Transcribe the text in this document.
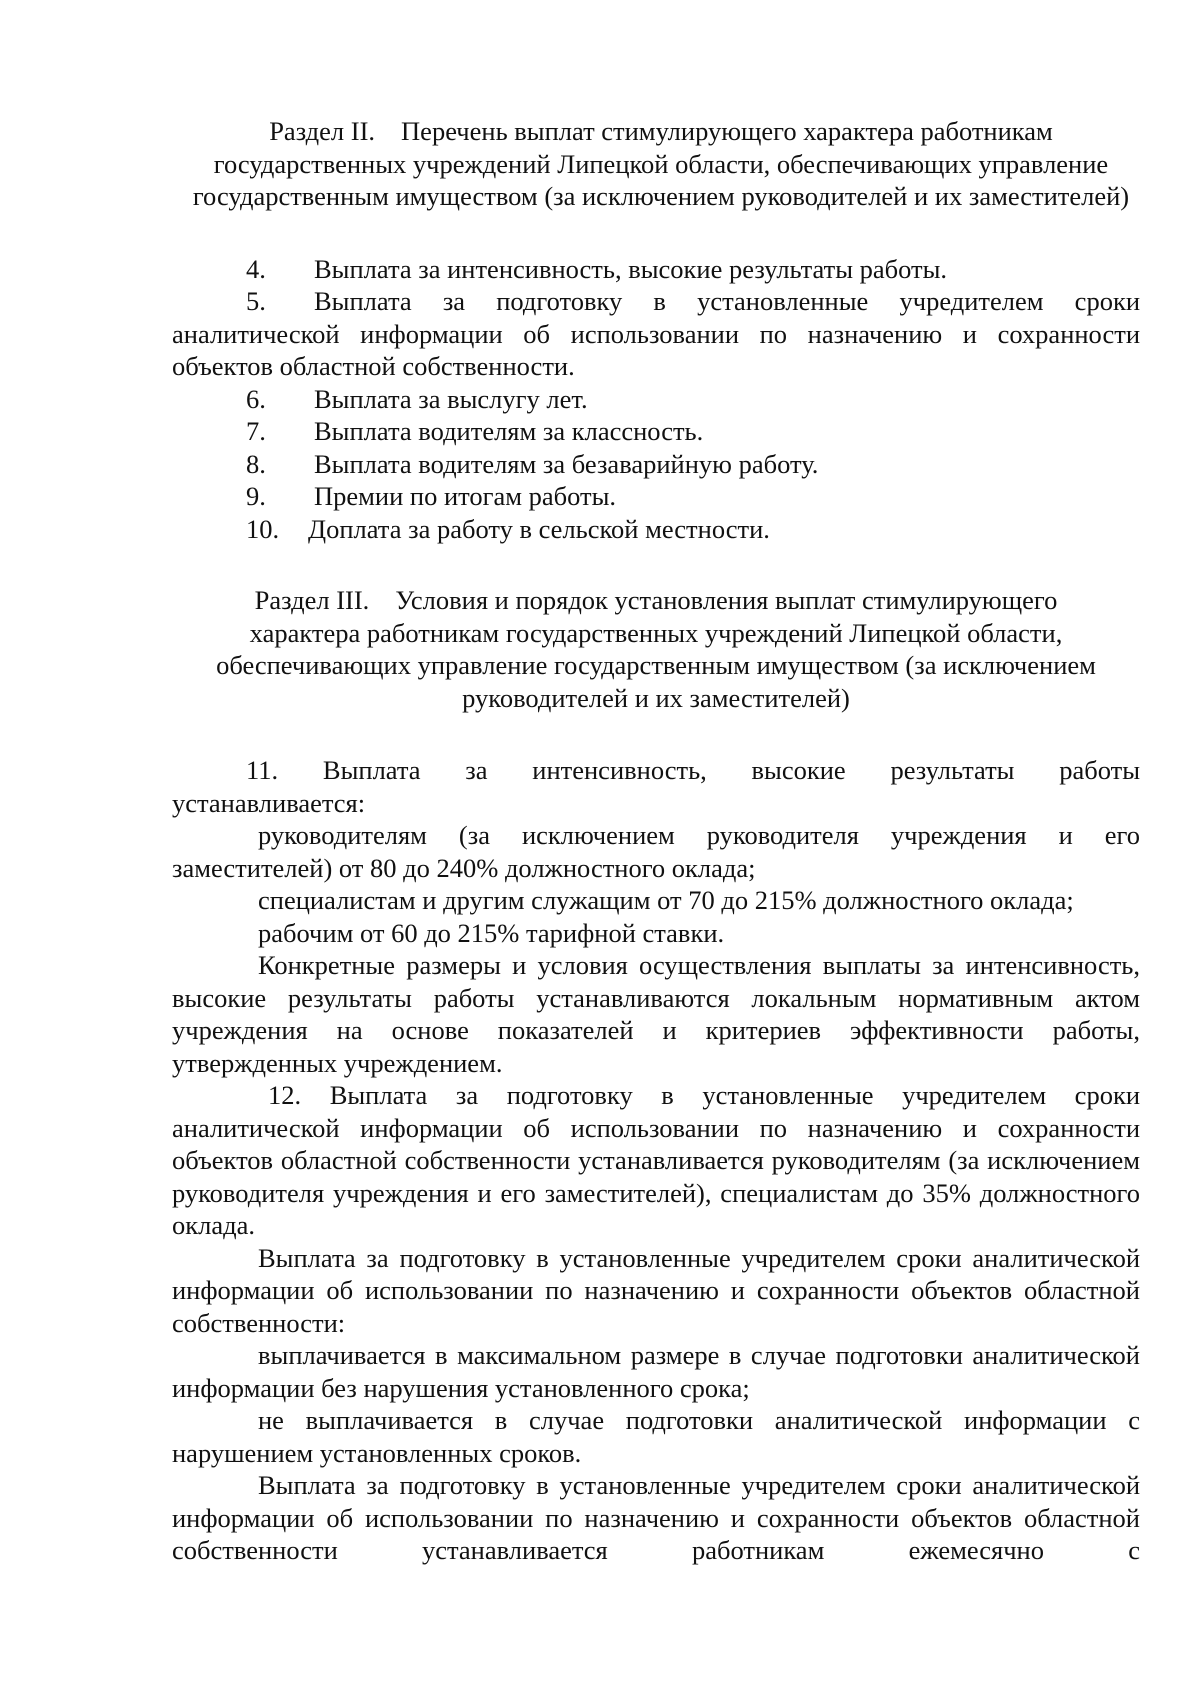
Раздел II. Перечень выплат стимулирующего характера работникам
государственных учреждений Липецкой области, обеспечивающих управление государственным имуществом (за исключением руководителей и их заместителей)
4. Выплата за интенсивность, высокие результаты работы.
5. Выплата за подготовку в установленные учредителем сроки аналитической информации об использовании по назначению и сохранности объектов областной собственности.
6. Выплата за выслугу лет.
7. Выплата водителям за классность.
8. Выплата водителям за безаварийную работу.
9. Премии по итогам работы.
10. Доплата за работу в сельской местности.
Раздел III. Условия и порядок установления выплат стимулирующего
характера работникам государственных учреждений Липецкой области, обеспечивающих управление государственным имуществом (за исключением руководителей и их заместителей)

11. Выплата за интенсивность, высокие результаты работы

устанавливается:

руководителям (за исключением руководителя учреждения и его заместителей) от 80 до 240% должностного оклада;

специалистам и другим служащим от 70 до 215% должностного оклада;

рабочим от 60 до 215% тарифной ставки.

Конкретные размеры и условия осуществления выплаты за интенсивность, высокие результаты работы устанавливаются локальным нормативным актом учреждения на основе показателей и критериев эффективности работы, утвержденных учреждением.

12. Выплата за подготовку в установленные учредителем сроки аналитической информации об использовании по назначению и сохранности объектов областной собственности устанавливается руководителям (за исключением руководителя учреждения и его заместителей), специалистам до 35% должностного оклада.

Выплата за подготовку в установленные учредителем сроки аналитической информации об использовании по назначению и сохранности объектов областной собственности:

выплачивается в максимальном размере в случае подготовки аналитической информации без нарушения установленного срока;

не выплачивается в случае подготовки аналитической информации с нарушением установленных сроков.

Выплата за подготовку в установленные учредителем сроки аналитической информации об использовании по назначению и сохранности объектов областной собственности устанавливается работникам ежемесячно с
